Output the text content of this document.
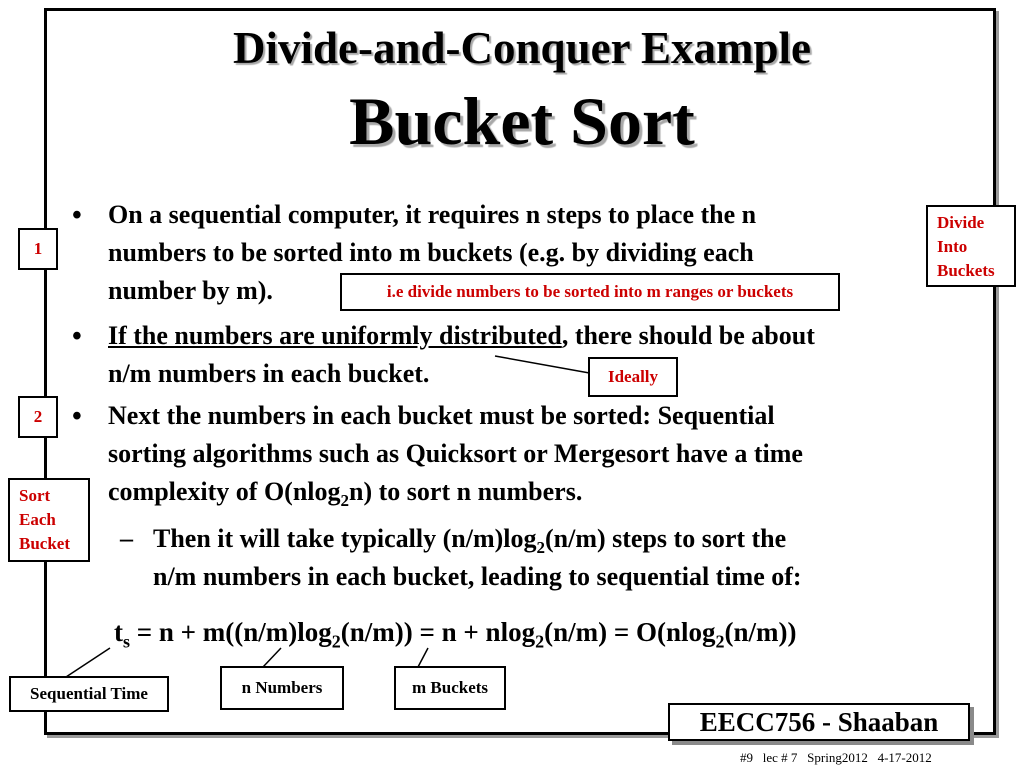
Divide-and-Conquer Example
Bucket Sort
• On a sequential computer, it requires n steps to place the n
numbers to be sorted into m buckets (e.g. by dividing each
number by m).
• If the numbers are uniformly distributed, there should be about
n/m numbers in each bucket.
• Next the numbers in each bucket must be sorted: Sequential
sorting algorithms such as Quicksort or Mergesort have a time
complexity of O(nlog$_2$n) to sort n numbers.
– Then it will take typically $(n/m)\log_2(n/m)$ steps to sort the
n/m numbers in each bucket, leading to sequential time of:
$t_s = n + m((n/m)\log_2(n/m)) = n + nlog_2(n/m) = O(nlog_2(n/m))$
1
2
Divide
Into
Buckets
Sort
Each
Bucket
i.e divide numbers to be sorted into m ranges or buckets
Ideally
Sequential Time	n Numbers	m Buckets
EECC756 - Shaaban
#9   lec # 7   Spring2012   4-17-2012
